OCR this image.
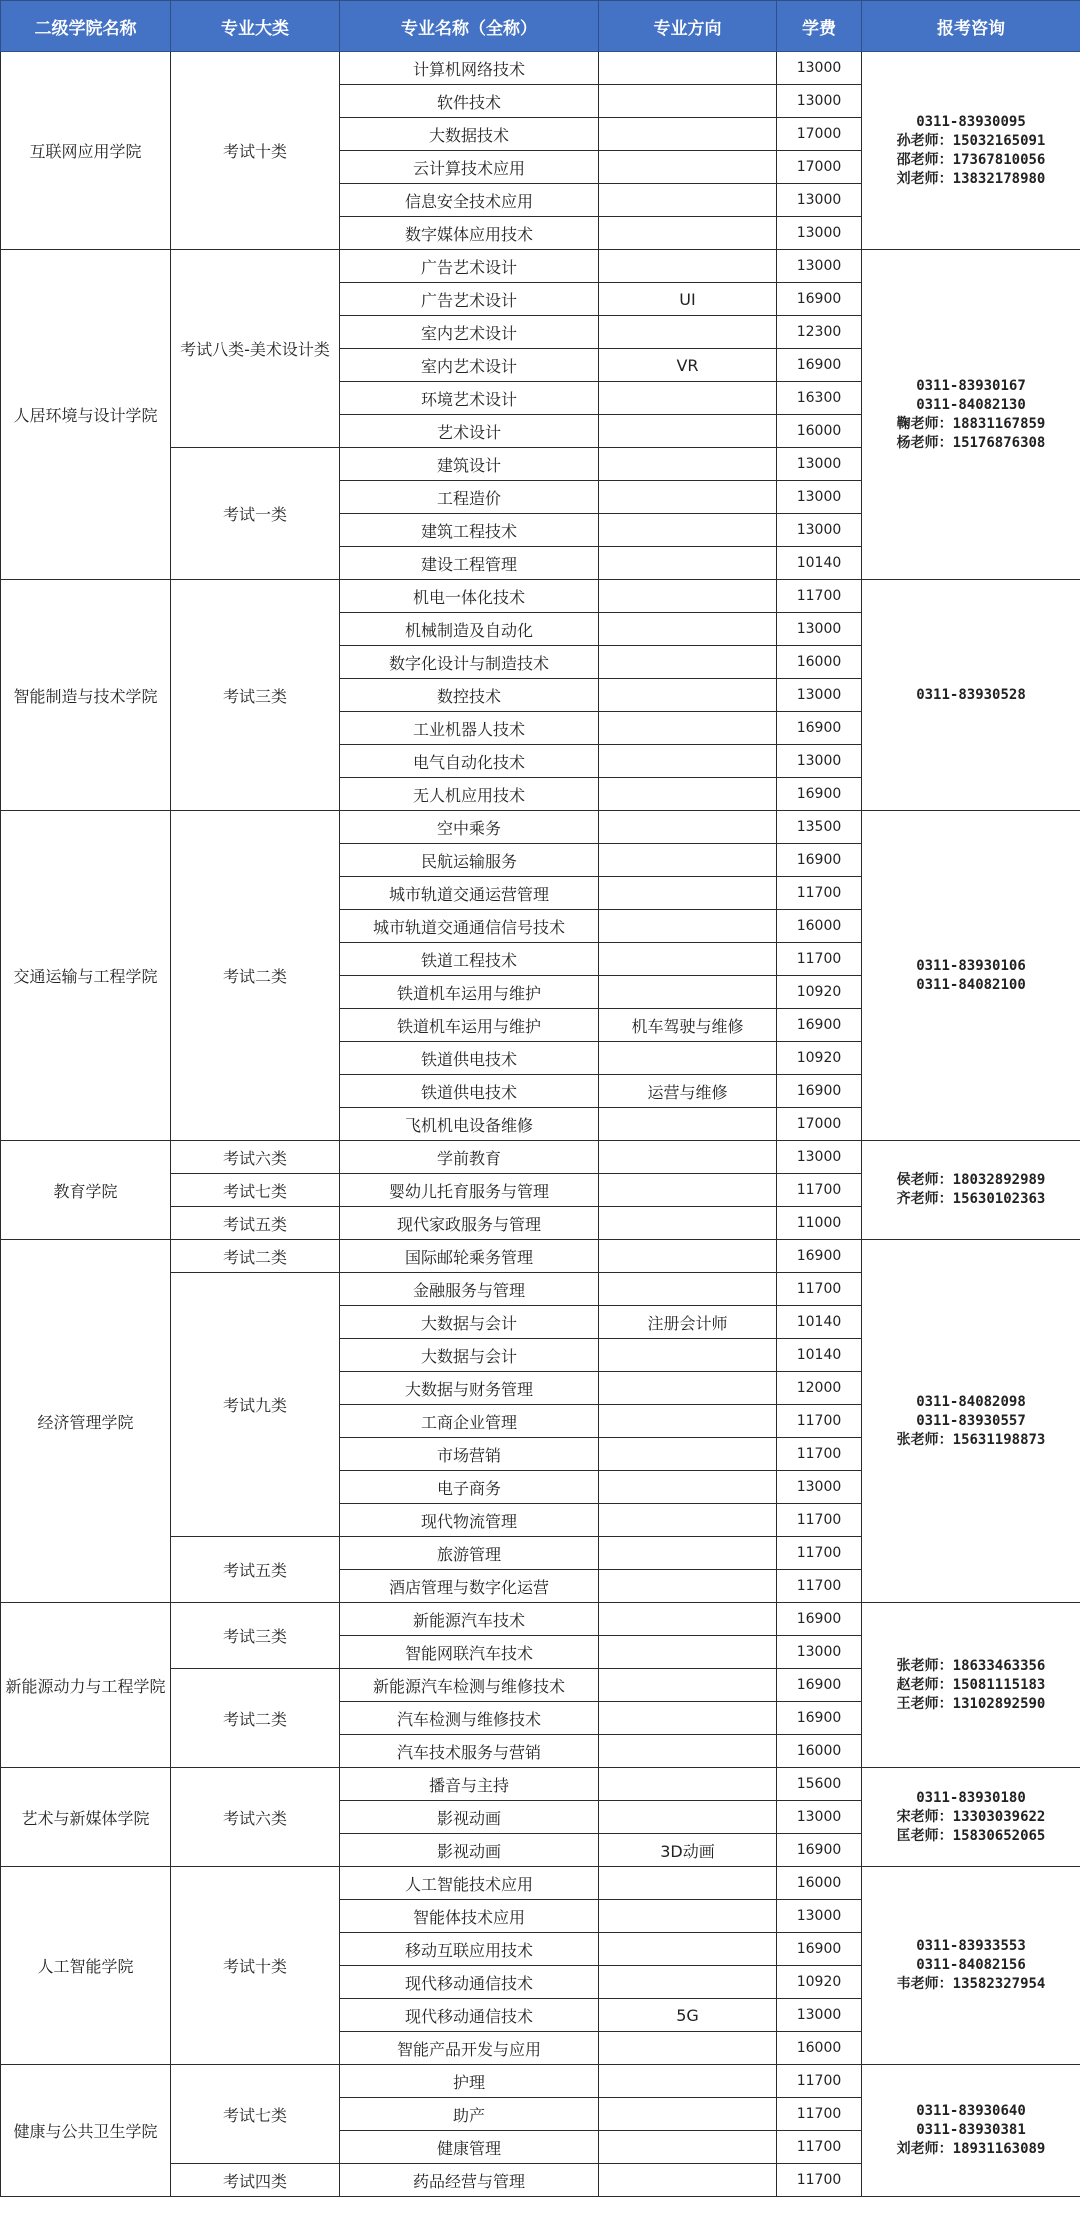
二级学院名称	专业大类	专业名称（全称）	专业方向	学费	报考咨询
互联网应用学院	考试十类	计算机网络技术		13000	0311-83930095
孙老师：15032165091
邵老师：17367810056
刘老师：13832178980

		软件技术		13000	
		大数据技术		17000	
		云计算技术应用		17000	
		信息安全技术应用		13000	
		数字媒体应用技术		13000	
人居环境与设计学院	考试八类-美术设计类	广告艺术设计		13000	0311-83930167
0311-84082130
鞠老师：18831167859
杨老师：15176876308

		广告艺术设计	UI	16900	
		室内艺术设计		12300	
		室内艺术设计	VR	16900	
		环境艺术设计		16300	
		艺术设计		16000	
	考试一类	建筑设计		13000	
		工程造价		13000	
		建筑工程技术		13000	
		建设工程管理		10140	
智能制造与技术学院	考试三类	机电一体化技术		11700	0311-83930528

		机械制造及自动化		13000	
		数字化设计与制造技术		16000	
		数控技术		13000	
		工业机器人技术		16900	
		电气自动化技术		13000	
		无人机应用技术		16900	
交通运输与工程学院	考试二类	空中乘务		13500	0311-83930106
0311-84082100

		民航运输服务		16900	
		城市轨道交通运营管理		11700	
		城市轨道交通通信信号技术		16000	
		铁道工程技术		11700	
		铁道机车运用与维护		10920	
		铁道机车运用与维护	机车驾驶与维修	16900	
		铁道供电技术		10920	
		铁道供电技术	运营与维修	16900	
		飞机机电设备维修		17000	
教育学院	考试六类	学前教育		13000	侯老师：18032892989
齐老师：15630102363

	考试七类	婴幼儿托育服务与管理		11700	
	考试五类	现代家政服务与管理		11000	
经济管理学院	考试二类	国际邮轮乘务管理		16900	0311-84082098
0311-83930557
张老师：15631198873

	考试九类	金融服务与管理		11700	
		大数据与会计	注册会计师	10140	
		大数据与会计		10140	
		大数据与财务管理		12000	
		工商企业管理		11700	
		市场营销		11700	
		电子商务		13000	
		现代物流管理		11700	
	考试五类	旅游管理		11700	
		酒店管理与数字化运营		11700	
新能源动力与工程学院	考试三类	新能源汽车技术		16900	张老师：18633463356
赵老师：15081115183
王老师：13102892590

		智能网联汽车技术		13000	
	考试二类	新能源汽车检测与维修技术		16900	
		汽车检测与维修技术		16900	
		汽车技术服务与营销		16000	
艺术与新媒体学院	考试六类	播音与主持		15600	0311-83930180
宋老师：13303039622
匡老师：15830652065

		影视动画		13000	
		影视动画	3D动画	16900	
人工智能学院	考试十类	人工智能技术应用		16000	0311-83933553
0311-84082156
韦老师：13582327954

		智能体技术应用		13000	
		移动互联应用技术		16900	
		现代移动通信技术		10920	
		现代移动通信技术	5G	13000	
		智能产品开发与应用		16000	
健康与公共卫生学院	考试七类	护理		11700	0311-83930640
0311-83930381
刘老师：18931163089

		助产		11700	
		健康管理		11700	
	考试四类	药品经营与管理		11700	
